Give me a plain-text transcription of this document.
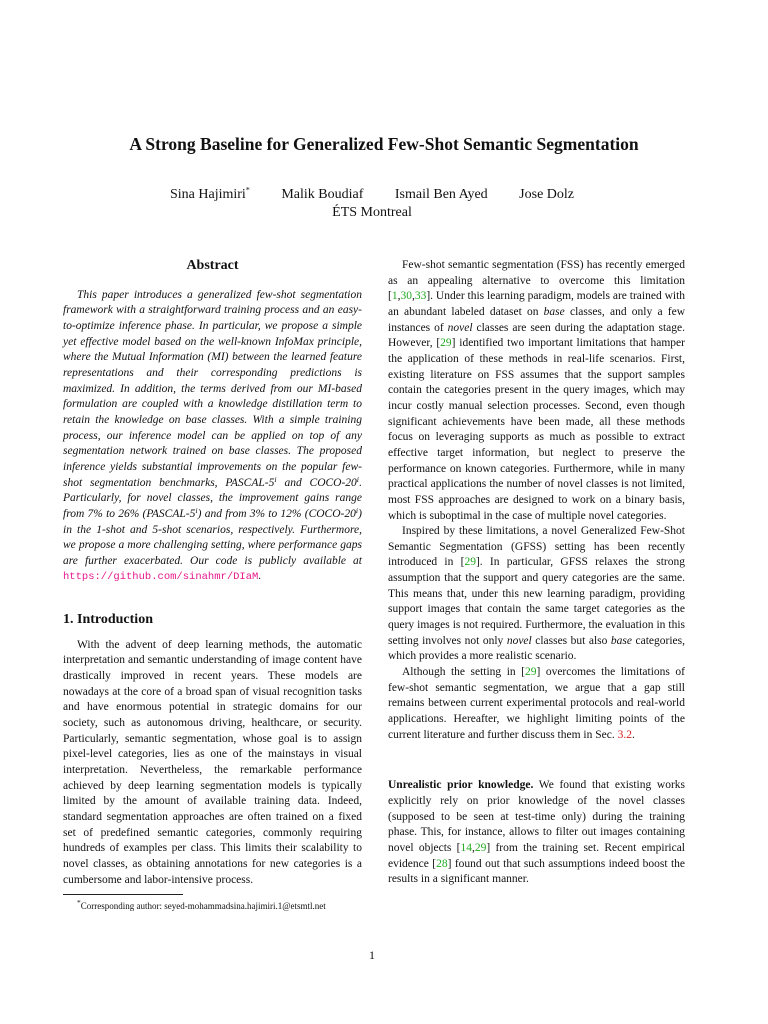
A Strong Baseline for Generalized Few-Shot Semantic Segmentation
Sina Hajimiri* Malik Boudiaf Ismail Ben Ayed Jose Dolz
ÉTS Montreal
Abstract

This paper introduces a generalized few-shot segmentation framework with a straightforward training process and an easy-to-optimize inference phase. In particular, we propose a simple yet effective model based on the well-known InfoMax principle, where the Mutual Information (MI) between the learned feature representations and their corresponding predictions is maximized. In addition, the terms derived from our MI-based formulation are coupled with a knowledge distillation term to retain the knowledge on base classes. With a simple training process, our inference model can be applied on top of any segmentation network trained on base classes. The proposed inference yields substantial improvements on the popular few-shot segmentation benchmarks, PASCAL-5ⁱ and COCO-20ⁱ. Particularly, for novel classes, the improvement gains range from 7% to 26% (PASCAL-5ⁱ) and from 3% to 12% (COCO-20ⁱ) in the 1-shot and 5-shot scenarios, respectively. Furthermore, we propose a more challenging setting, where performance gaps are further exacerbated. Our code is publicly available at https://github.com/sinahmr/DIaM.

1. Introduction

With the advent of deep learning methods, the automatic interpretation and semantic understanding of image content have drastically improved in recent years. These models are nowadays at the core of a broad span of visual recognition tasks and have enormous potential in strategic domains for our society, such as autonomous driving, healthcare, or security. Particularly, semantic segmentation, whose goal is to assign pixel-level categories, lies as one of the mainstays in visual interpretation. Nevertheless, the remarkable performance achieved by deep learning segmentation models is typically limited by the amount of available training data. Indeed, standard segmentation approaches are often trained on a fixed set of predefined semantic categories, commonly requiring hundreds of examples per class. This limits their scalability to novel classes, as obtaining annotations for new categories is a cumbersome and labor-intensive process.

*Corresponding author: seyed-mohammadsina.hajimiri.1@etsmtl.net

Few-shot semantic segmentation (FSS) has recently emerged as an appealing alternative to overcome this limitation [1,30,33]. Under this learning paradigm, models are trained with an abundant labeled dataset on base classes, and only a few instances of novel classes are seen during the adaptation stage. However, [29] identified two important limitations that hamper the application of these methods in real-life scenarios. First, existing literature on FSS assumes that the support samples contain the categories present in the query images, which may incur costly manual selection processes. Second, even though significant achievements have been made, all these methods focus on leveraging supports as much as possible to extract effective target information, but neglect to preserve the performance on known categories. Furthermore, while in many practical applications the number of novel classes is not limited, most FSS approaches are designed to work on a binary basis, which is suboptimal in the case of multiple novel categories.

Inspired by these limitations, a novel Generalized Few-Shot Semantic Segmentation (GFSS) setting has been recently introduced in [29]. In particular, GFSS relaxes the strong assumption that the support and query categories are the same. This means that, under this new learning paradigm, providing support images that contain the same target categories as the query images is not required. Furthermore, the evaluation in this setting involves not only novel classes but also base categories, which provides a more realistic scenario.

Although the setting in [29] overcomes the limitations of few-shot semantic segmentation, we argue that a gap still remains between current experimental protocols and real-world applications. Hereafter, we highlight limiting points of the current literature and further discuss them in Sec. 3.2.

Unrealistic prior knowledge. We found that existing works explicitly rely on prior knowledge of the novel classes (supposed to be seen at test-time only) during the training phase. This, for instance, allows to filter out images containing novel objects [14,29] from the training set. Recent empirical evidence [28] found out that such assumptions indeed boost the results in a significant manner.

1
